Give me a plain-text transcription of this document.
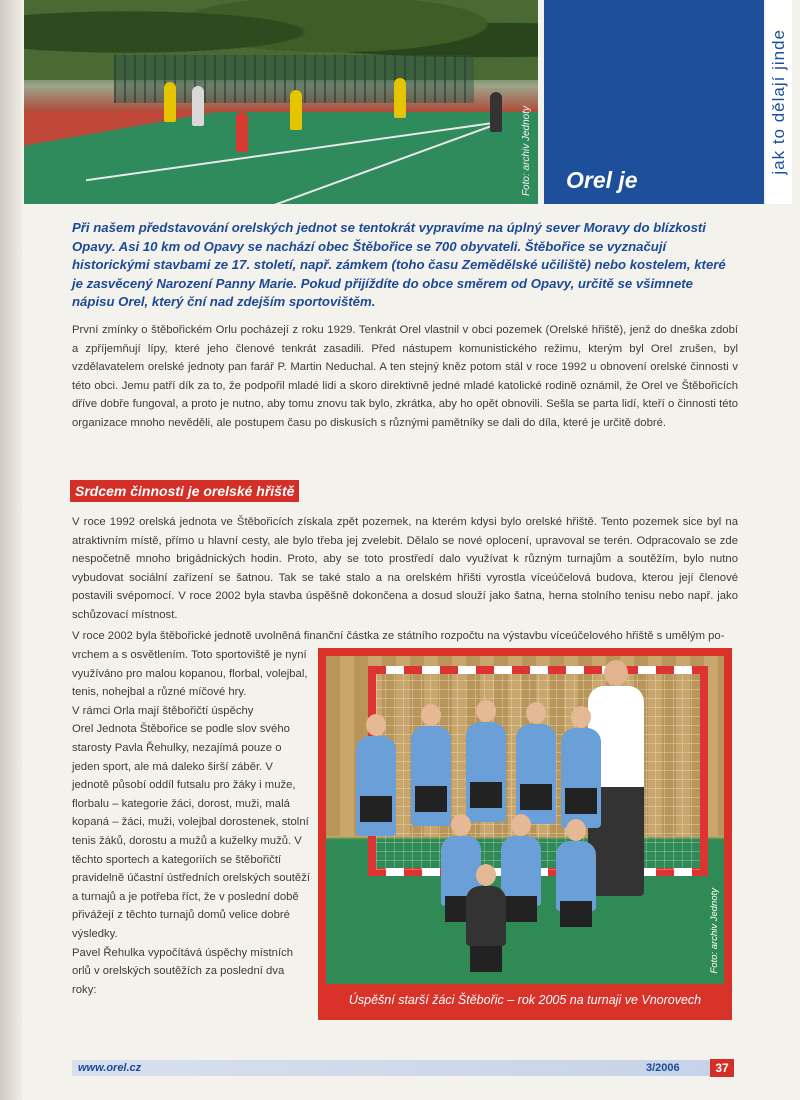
Foto: archiv Jednoty Orel je
jak to dělají jinde

Při našem představování orelských jednot se tentokrát vypravíme na úplný sever Moravy do blízkosti Opavy. Asi 10 km od Opavy se nachází obec Štěbořice se 700 obyvateli. Štěbořice se vyznačují historickými stavbami ze 17. století, např. zámkem (toho času Zemědělské učiliště) nebo kostelem, které je zasvěcený Narození Panny Marie. Pokud přijíždíte do obce směrem od Opavy, určitě se všimnete nápisu Orel, který ční nad zdejším sportovištěm.

První zmínky o štěbořickém Orlu pocházejí z roku 1929. Tenkrát Orel vlastnil v obci pozemek (Orelské hřiště), jenž do dneška zdobí a zpříjemňují lípy, které jeho členové tenkrát zasadili. Před nástupem komunistického režimu, kterým byl Orel zrušen, byl vzdělavatelem orelské jednoty pan farář P. Martin Neduchal. A ten stejný kněz potom stál v roce 1992 u obnovení orelské činnosti v této obci. Jemu patří dík za to, že podpořil mladé lidi a skoro direktivně jedné mladé katolické rodině oznámil, že Orel ve Štěbořicích dříve dobře fungoval, a proto je nutno, aby tomu znovu tak bylo, zkrátka, aby ho opět obnovili. Sešla se parta lidí, kteří o činnosti této organizace mnoho nevěděli, ale postupem času po diskusích s různými pamětníky se dali do díla, které je určitě dobré.

Srdcem činnosti je orelské hřiště

V roce 1992 orelská jednota ve Štěbořicích získala zpět pozemek, na kterém kdysi bylo orelské hřiště. Tento pozemek sice byl na atraktivním místě, přímo u hlavní cesty, ale bylo třeba jej zvelebit. Dělalo se nové oplocení, upravoval se terén. Odpracovalo se zde nespočetně mnoho brigádnických hodin. Proto, aby se toto prostředí dalo využívat k různým turnajům a soutěžím, bylo nutno vybudovat sociální zařízení se šatnou. Tak se také stalo a na orelském hřišti vyrostla víceúčelová budova, kterou její členové postavili svépomocí. V roce 2002 byla stavba úspěšně dokončena a dosud slouží jako šatna, herna stolního tenisu nebo např. jako schůzovací místnost.

V roce 2002 byla štěbořické jednotě uvolněná finanční částka ze státního rozpočtu na výstavbu víceúčelového hřiště s umělým po-

vrchem a s osvětlením. Toto sportoviště je nyní využíváno pro malou kopanou, florbal, volejbal, tenis, nohejbal a různé míčové hry.

V rámci Orla mají štěbořičtí úspěchy

Orel Jednota Štěbořice se podle slov svého starosty Pavla Řehulky, nezajímá pouze o jeden sport, ale má daleko širší záběr. V jednotě působí oddíl futsalu pro žáky i muže, florbalu – kategorie žáci, dorost, muži, malá kopaná – žáci, muži, volejbal dorostenek, stolní tenis žáků, dorostu a mužů a kuželky mužů. V těchto sportech a kategoriích se štěbořičtí pravidelně účastní ústředních orelských soutěží a turnajů a je potřeba říct, že v poslední době přivážejí z těchto turnajů domů velice dobré výsledky.

Pavel Řehulka vypočítává úspěchy místních orlů v orelských soutěžích za poslední dva roky:

Foto: archiv Jednoty
Úspěšní starší žáci Štěbořic – rok 2005 na turnaji ve Vnorovech
www.orel.cz	3/2006	37
